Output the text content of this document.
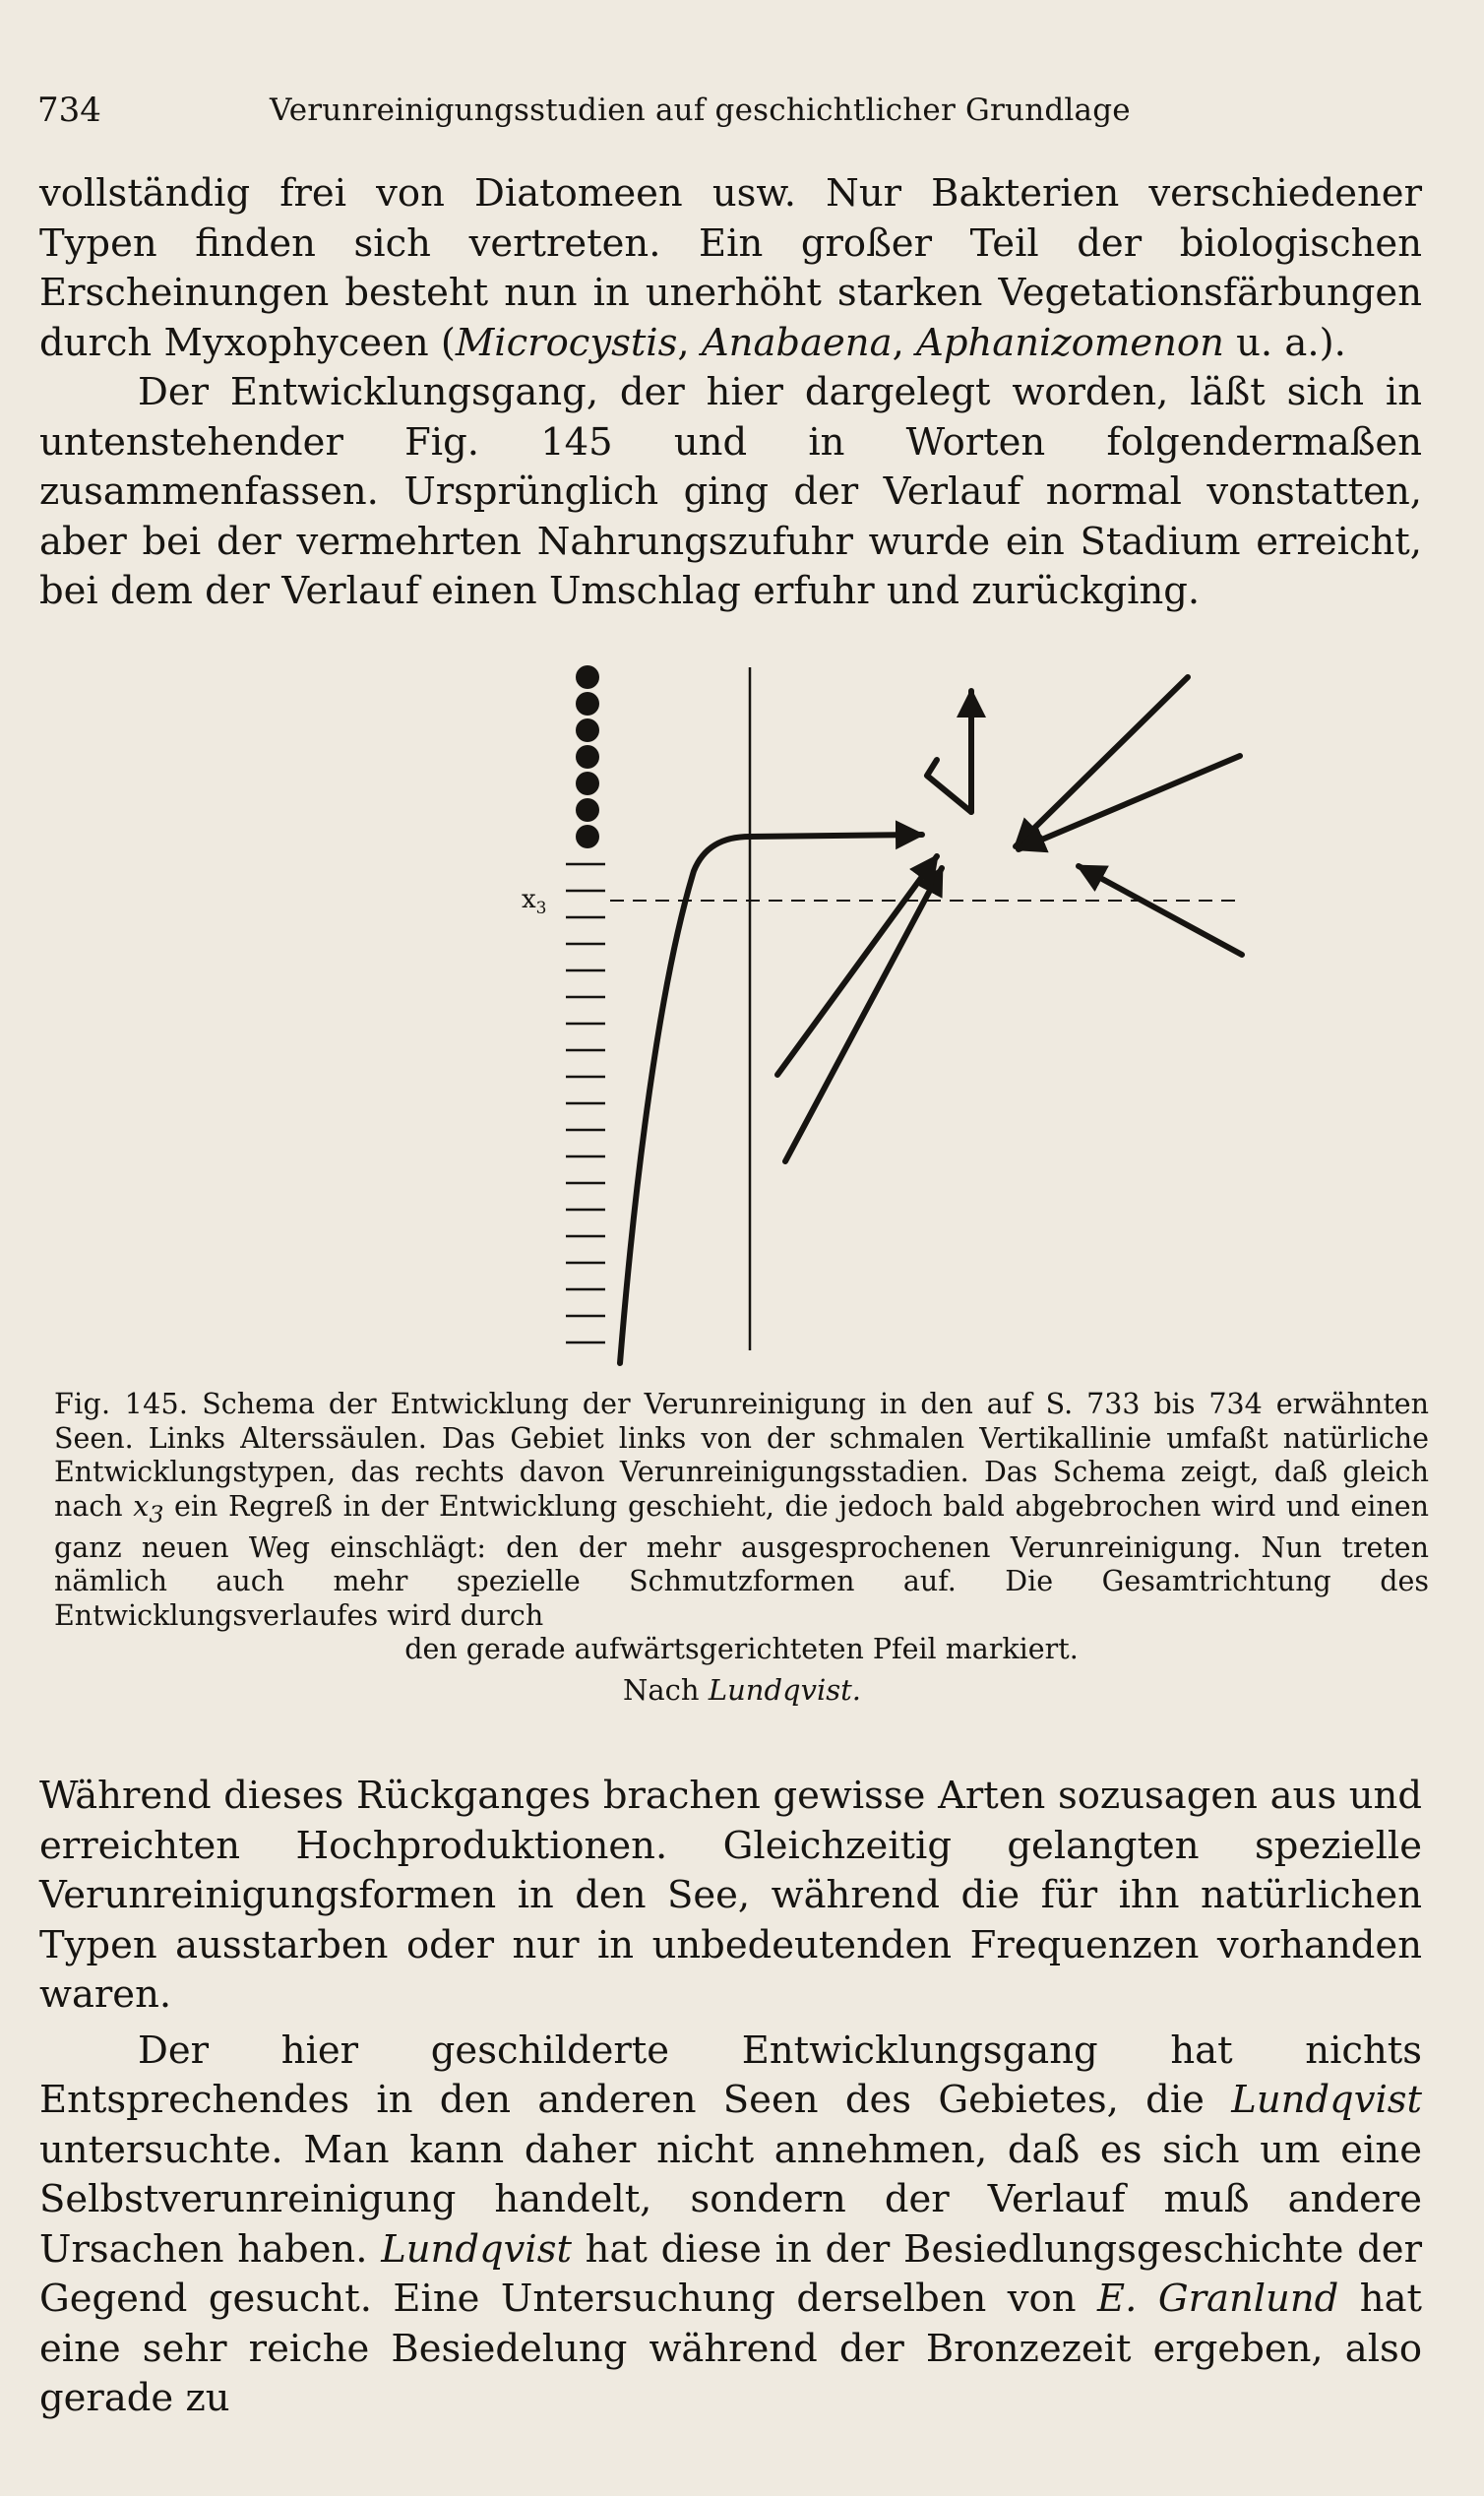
734	Verunreinigungsstudien auf geschichtlicher Grundlage

vollständig frei von Diatomeen usw. Nur Bakterien verschiedener Typen finden sich vertreten. Ein großer Teil der biologischen Erscheinungen besteht nun in unerhöht starken Vegetationsfärbungen durch Myxophyceen (Microcystis, Anabaena, Aphanizomenon u. a.).

Der Entwicklungsgang, der hier dargelegt worden, läßt sich in untenstehender Fig. 145 und in Worten folgendermaßen zusammenfassen. Ursprünglich ging der Verlauf normal vonstatten, aber bei der vermehrten Nahrungszufuhr wurde ein Stadium erreicht, bei dem der Verlauf einen Umschlag erfuhr und zurückging.

$x_3$

Fig. 145. Schema der Entwicklung der Verunreinigung in den auf S. 733 bis 734 erwähnten Seen. Links Alterssäulen. Das Gebiet links von der schmalen Vertikallinie umfaßt natürliche Entwicklungstypen, das rechts davon Verunreinigungsstadien. Das Schema zeigt, daß gleich nach $x_3$ ein Regreß in der Entwicklung geschieht, die jedoch bald abgebrochen wird und einen ganz neuen Weg einschlägt: den der mehr ausgesprochenen Verunreinigung. Nun treten nämlich auch mehr spezielle Schmutzformen auf. Die Gesamtrichtung des Entwicklungsverlaufes wird durch

den gerade aufwärtsgerichteten Pfeil markiert.

Nach Lundqvist.

Während dieses Rückganges brachen gewisse Arten sozusagen aus und erreichten Hochproduktionen. Gleichzeitig gelangten spezielle Verunreinigungsformen in den See, während die für ihn natürlichen Typen ausstarben oder nur in unbedeutenden Frequenzen vorhanden waren.

Der hier geschilderte Entwicklungsgang hat nichts Entsprechendes in den anderen Seen des Gebietes, die Lundqvist untersuchte. Man kann daher nicht annehmen, daß es sich um eine Selbstverunreinigung handelt, sondern der Verlauf muß andere Ursachen haben. Lundqvist hat diese in der Besiedlungsgeschichte der Gegend gesucht. Eine Untersuchung derselben von E. Granlund hat eine sehr reiche Besiedelung während der Bronzezeit ergeben, also gerade zu
